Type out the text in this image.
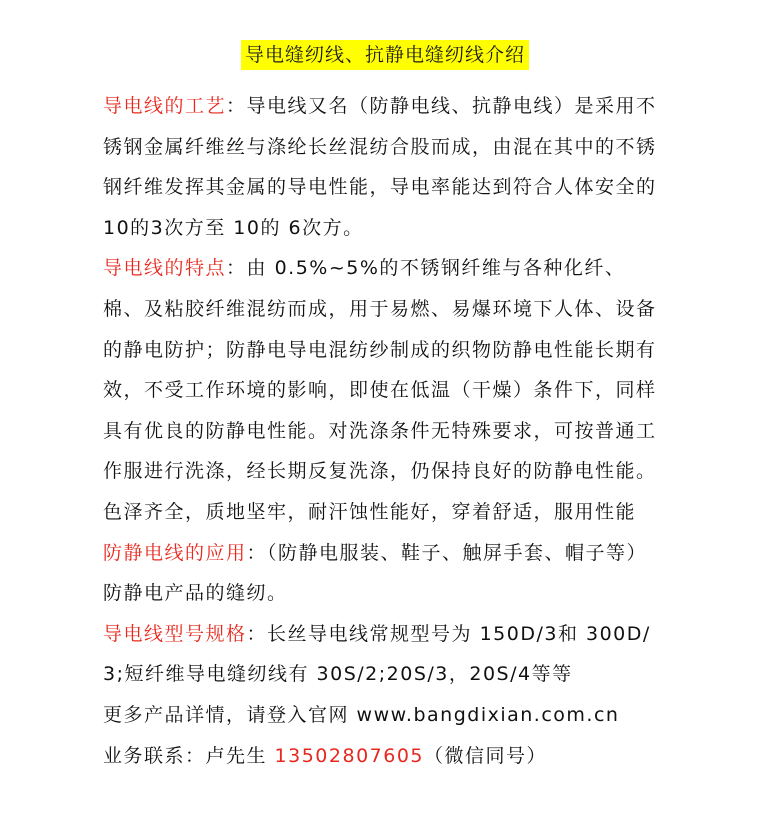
导电缝纫线、抗静电缝纫线介绍

导电线的工艺：导电线又名（防静电线、抗静电线）是采用不锈钢金属纤维丝与涤纶长丝混纺合股而成，由混在其中的不锈钢纤维发挥其金属的导电性能，导电率能达到符合人体安全的 10的3次方至 10的 6次方。

导电线的特点：由 0.5%~5%的不锈钢纤维与各种化纤、棉、及粘胶纤维混纺而成，用于易燃、易爆环境下人体、设备的静电防护；防静电导电混纺纱制成的织物防静电性能长期有效，不受工作环境的影响，即使在低温（干燥）条件下，同样具有优良的防静电性能。对洗涤条件无特殊要求，可按普通工作服进行洗涤，经长期反复洗涤，仍保持良好的防静电性能。色泽齐全，质地坚牢，耐汗蚀性能好，穿着舒适，服用性能

防静电线的应用：（防静电服装、鞋子、触屏手套、帽子等）防静电产品的缝纫。

导电线型号规格：长丝导电线常规型号为 150D/3和 300D/3;短纤维导电缝纫线有 30S/2;20S/3，20S/4等等

更多产品详情，请登入官网 www.bangdixian.com.cn

业务联系：卢先生 13502807605（微信同号）
